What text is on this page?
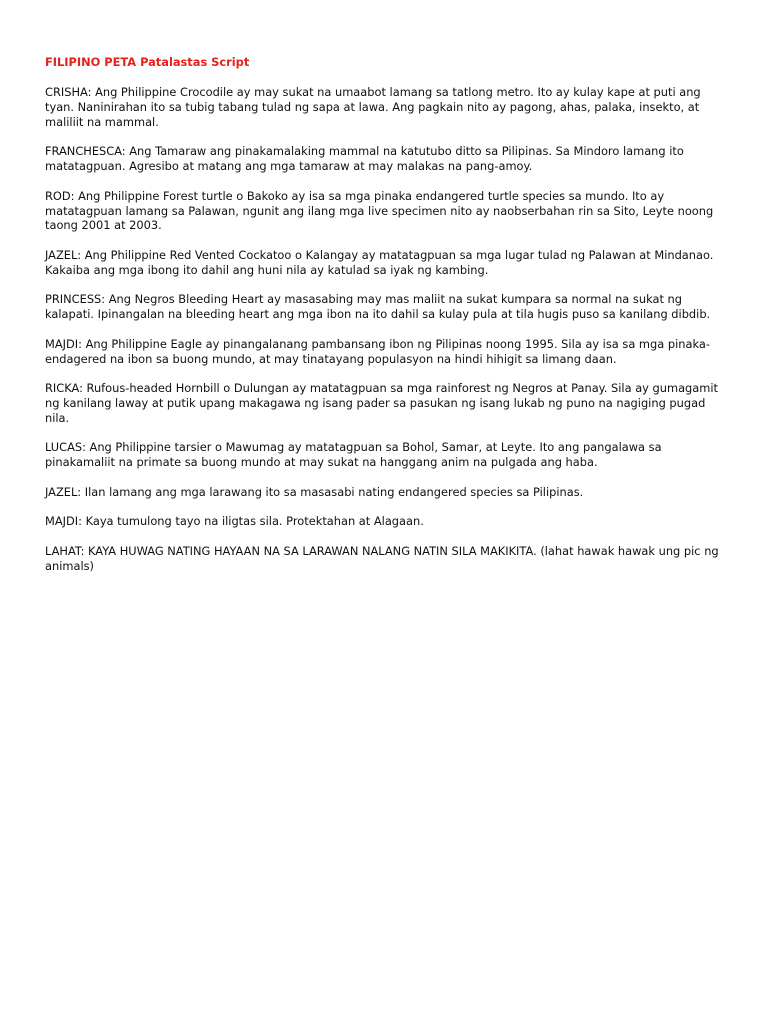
FILIPINO PETA Patalastas Script
CRISHA: Ang Philippine Crocodile ay may sukat na umaabot lamang sa tatlong metro. Ito ay kulay kape at puti ang tyan. Naninirahan ito sa tubig tabang tulad ng sapa at lawa. Ang pagkain nito ay pagong, ahas, palaka, insekto, at maliliit na mammal.
FRANCHESCA: Ang Tamaraw ang pinakamalaking mammal na katutubo ditto sa Pilipinas. Sa Mindoro lamang ito matatagpuan. Agresibo at matang ang mga tamaraw at may malakas na pang-amoy.
ROD: Ang Philippine Forest turtle o Bakoko ay isa sa mga pinaka endangered turtle species sa mundo. Ito ay matatagpuan lamang sa Palawan, ngunit ang ilang mga live specimen nito ay naobserbahan rin sa Sito, Leyte noong taong 2001 at 2003.
JAZEL: Ang Philippine Red Vented Cockatoo o Kalangay ay matatagpuan sa mga lugar tulad ng Palawan at Mindanao. Kakaiba ang mga ibong ito dahil ang huni nila ay katulad sa iyak ng kambing.
PRINCESS: Ang Negros Bleeding Heart ay masasabing may mas maliit na sukat kumpara sa normal na sukat ng kalapati. Ipinangalan na bleeding heart ang mga ibon na ito dahil sa kulay pula at tila hugis puso sa kanilang dibdib.
MAJDI: Ang Philippine Eagle ay pinangalanang pambansang ibon ng Pilipinas noong 1995. Sila ay isa sa mga pinaka-endagered na ibon sa buong mundo, at may tinatayang populasyon na hindi hihigit sa limang daan.
RICKA: Rufous-headed Hornbill o Dulungan ay matatagpuan sa mga rainforest ng Negros at Panay. Sila ay gumagamit ng kanilang laway at putik upang makagawa ng isang pader sa pasukan ng isang lukab ng puno na nagiging pugad nila.
LUCAS: Ang Philippine tarsier o Mawumag ay matatagpuan sa Bohol, Samar, at Leyte. Ito ang pangalawa sa pinakamaliit na primate sa buong mundo at may sukat na hanggang anim na pulgada ang haba.
JAZEL: Ilan lamang ang mga larawang ito sa masasabi nating endangered species sa Pilipinas.
MAJDI: Kaya tumulong tayo na iligtas sila. Protektahan at Alagaan.
LAHAT: KAYA HUWAG NATING HAYAAN NA SA LARAWAN NALANG NATIN SILA MAKIKITA. (lahat hawak hawak ung pic ng animals)
